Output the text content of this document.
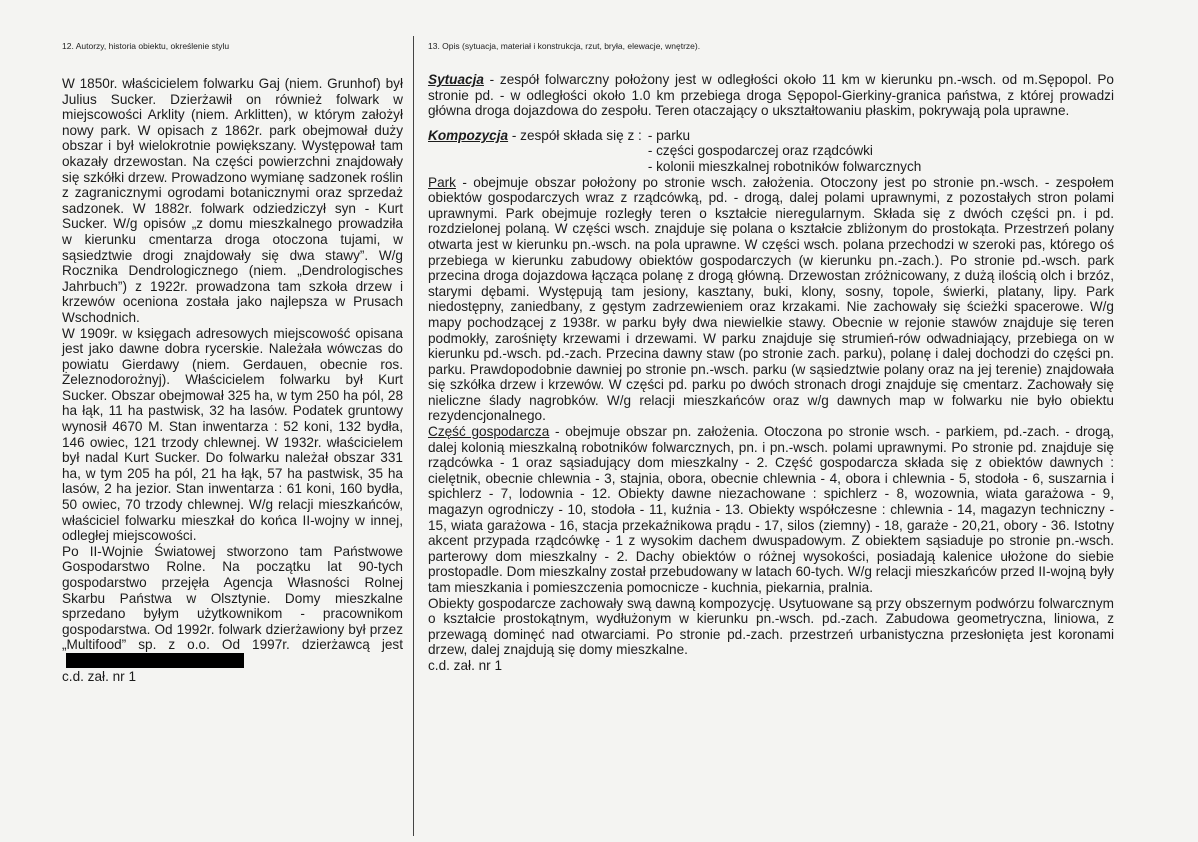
12. Autorzy, historia obiektu, określenie stylu	13. Opis (sytuacja, materiał i konstrukcja, rzut, bryła, elewacje, wnętrze).

W 1850r. właścicielem folwarku Gaj (niem. Grunhof) był Julius Sucker. Dzierżawił on również folwark w miejscowości Arklity (niem. Arklitten), w którym założył nowy park. W opisach z 1862r. park obejmował duży obszar i był wielokrotnie powiększany. Występował tam okazały drzewostan. Na części powierzchni znajdowały się szkółki drzew. Prowadzono wymianę sadzonek roślin z zagranicznymi ogrodami botanicznymi oraz sprzedaż sadzonek. W 1882r. folwark odziedziczył syn - Kurt Sucker. W/g opisów „z domu mieszkalnego prowadziła w kierunku cmentarza droga otoczona tujami, w sąsiedztwie drogi znajdowały się dwa stawy”. W/g Rocznika Dendrologicznego (niem. „Dendrologisches Jahrbuch”) z 1922r. prowadzona tam szkoła drzew i krzewów oceniona została jako najlepsza w Prusach Wschodnich.

W 1909r. w księgach adresowych miejscowość opisana jest jako dawne dobra rycerskie. Należała wówczas do powiatu Gierdawy (niem. Gerdauen, obecnie ros. Żeleznodorożnyj). Właścicielem folwarku był Kurt Sucker. Obszar obejmował 325 ha, w tym 250 ha pól, 28 ha łąk, 11 ha pastwisk, 32 ha lasów. Podatek gruntowy wynosił 4670 M. Stan inwentarza : 52 koni, 132 bydła, 146 owiec, 121 trzody chlewnej. W 1932r. właścicielem był nadal Kurt Sucker. Do folwarku należał obszar 331 ha, w tym 205 ha pól, 21 ha łąk, 57 ha pastwisk, 35 ha lasów, 2 ha jezior. Stan inwentarza : 61 koni, 160 bydła, 50 owiec, 70 trzody chlewnej. W/g relacji mieszkańców, właściciel folwarku mieszkał do końca II-wojny w innej, odległej miejscowości.

Po II-Wojnie Światowej stworzono tam Państwowe Gospodarstwo Rolne. Na początku lat 90-tych gospodarstwo przejęła Agencja Własności Rolnej Skarbu Państwa w Olsztynie. Domy mieszkalne sprzedano byłym użytkownikom - pracownikom gospodarstwa. Od 1992r. folwark dzierżawiony był przez „Multifood” sp. z o.o. Od 1997r. dzierżawcą jest

c.d. zał. nr 1

Sytuacja - zespół folwarczny położony jest w odległości około 11 km w kierunku pn.-wsch. od m.Sępopol. Po stronie pd. - w odległości około 1.0 km przebiega droga Sępopol-Gierkiny-granica państwa, z której prowadzi główna droga dojazdowa do zespołu. Teren otaczający o ukształtowaniu płaskim, pokrywają pola uprawne.

Kompozycja - zespół składa się z : - parku
- części gospodarczej oraz rządcówki
- kolonii mieszkalnej robotników folwarcznych

Park - obejmuje obszar położony po stronie wsch. założenia. Otoczony jest po stronie pn.-wsch. - zespołem obiektów gospodarczych wraz z rządcówką, pd. - drogą, dalej polami uprawnymi, z pozostałych stron polami uprawnymi. Park obejmuje rozległy teren o kształcie nieregularnym. Składa się z dwóch części pn. i pd. rozdzielonej polaną. W części wsch. znajduje się polana o kształcie zbliżonym do prostokąta. Przestrzeń polany otwarta jest w kierunku pn.-wsch. na pola uprawne. W części wsch. polana przechodzi w szeroki pas, którego oś przebiega w kierunku zabudowy obiektów gospodarczych (w kierunku pn.-zach.). Po stronie pd.-wsch. park przecina droga dojazdowa łącząca polanę z drogą główną. Drzewostan zróżnicowany, z dużą ilością olch i brzóz, starymi dębami. Występują tam jesiony, kasztany, buki, klony, sosny, topole, świerki, platany, lipy. Park niedostępny, zaniedbany, z gęstym zadrzewieniem oraz krzakami. Nie zachowały się ścieżki spacerowe. W/g mapy pochodzącej z 1938r. w parku były dwa niewielkie stawy. Obecnie w rejonie stawów znajduje się teren podmokły, zarośnięty krzewami i drzewami. W parku znajduje się strumień-rów odwadniający, przebiega on w kierunku pd.-wsch. pd.-zach. Przecina dawny staw (po stronie zach. parku), polanę i dalej dochodzi do części pn. parku. Prawdopodobnie dawniej po stronie pn.-wsch. parku (w sąsiedztwie polany oraz na jej terenie) znajdowała się szkółka drzew i krzewów. W części pd. parku po dwóch stronach drogi znajduje się cmentarz. Zachowały się nieliczne ślady nagrobków. W/g relacji mieszkańców oraz w/g dawnych map w folwarku nie było obiektu rezydencjonalnego.

Część gospodarcza - obejmuje obszar pn. założenia. Otoczona po stronie wsch. - parkiem, pd.-zach. - drogą, dalej kolonią mieszkalną robotników folwarcznych, pn. i pn.-wsch. polami uprawnymi. Po stronie pd. znajduje się rządcówka - 1 oraz sąsiadujący dom mieszkalny - 2. Część gospodarcza składa się z obiektów dawnych : cielętnik, obecnie chlewnia - 3, stajnia, obora, obecnie chlewnia - 4, obora i chlewnia - 5, stodoła - 6, suszarnia i spichlerz - 7, lodownia - 12. Obiekty dawne niezachowane : spichlerz - 8, wozownia, wiata garażowa - 9, magazyn ogrodniczy - 10, stodoła - 11, kuźnia - 13. Obiekty współczesne : chlewnia - 14, magazyn techniczny - 15, wiata garażowa - 16, stacja przekaźnikowa prądu - 17, silos (ziemny) - 18, garaże - 20,21, obory - 36. Istotny akcent przypada rządcówkę - 1 z wysokim dachem dwuspadowym. Z obiektem sąsiaduje po stronie pn.-wsch. parterowy dom mieszkalny - 2. Dachy obiektów o różnej wysokości, posiadają kalenice ułożone do siebie prostopadle. Dom mieszkalny został przebudowany w latach 60-tych. W/g relacji mieszkańców przed II-wojną były tam mieszkania i pomieszczenia pomocnicze - kuchnia, piekarnia, pralnia.

Obiekty gospodarcze zachowały swą dawną kompozycję. Usytuowane są przy obszernym podwórzu folwarcznym o kształcie prostokątnym, wydłużonym w kierunku pn.-wsch. pd.-zach. Zabudowa geometryczna, liniowa, z przewagą dominęć nad otwarciami. Po stronie pd.-zach. przestrzeń urbanistyczna przesłonięta jest koronami drzew, dalej znajdują się domy mieszkalne.

c.d. zał. nr 1
